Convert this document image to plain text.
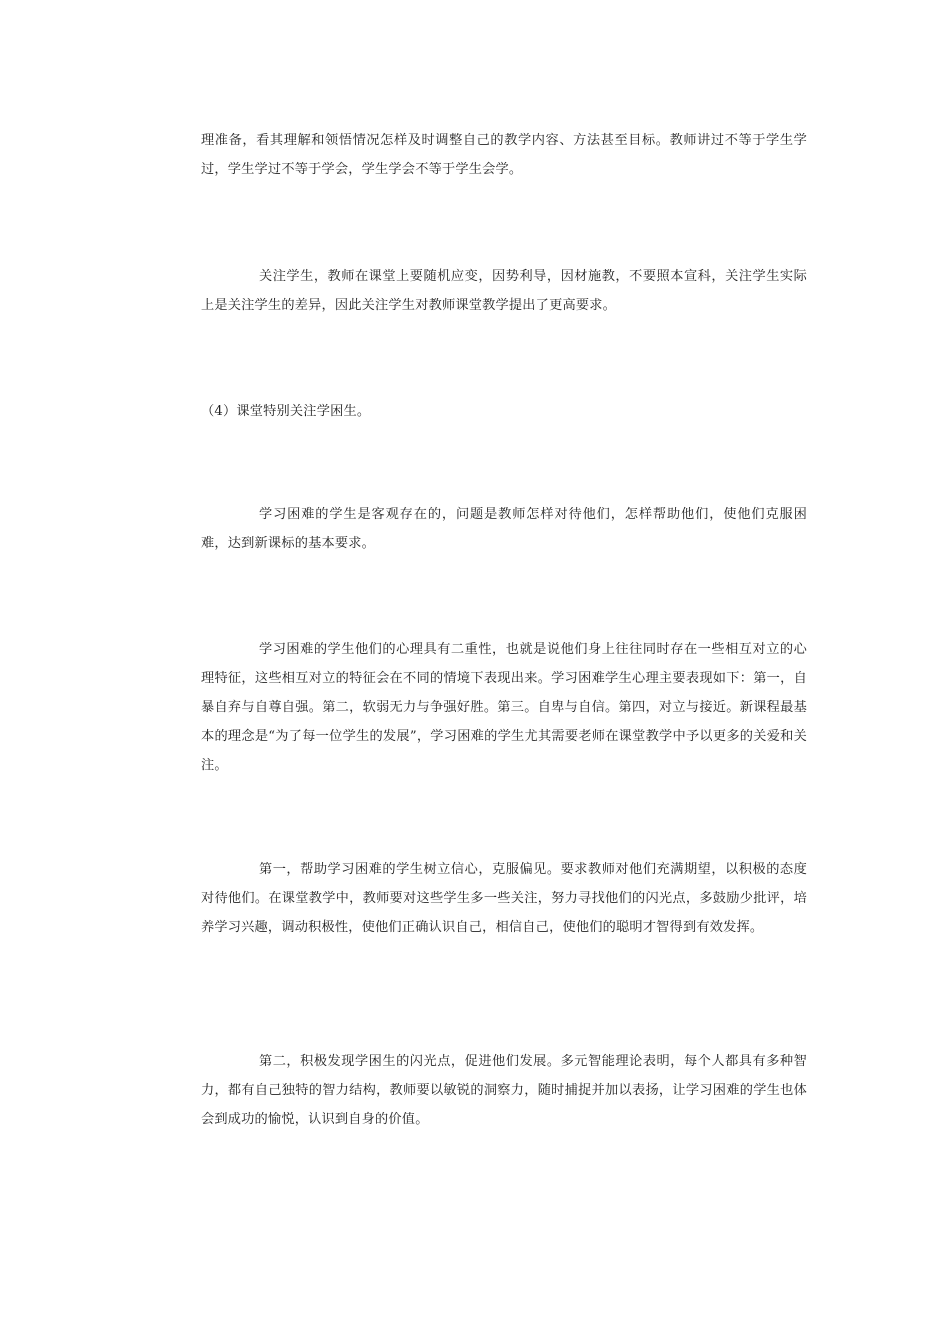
理准备，看其理解和领悟情况怎样及时调整自己的教学内容、方法甚至目标。教师讲过不等于学生学过，学生学过不等于学会，学生学会不等于学生会学。

关注学生，教师在课堂上要随机应变，因势利导，因材施教，不要照本宣科，关注学生实际上是关注学生的差异，因此关注学生对教师课堂教学提出了更高要求。

（4）课堂特别关注学困生。

学习困难的学生是客观存在的，问题是教师怎样对待他们，怎样帮助他们，使他们克服困难，达到新课标的基本要求。

学习困难的学生他们的心理具有二重性，也就是说他们身上往往同时存在一些相互对立的心理特征，这些相互对立的特征会在不同的情境下表现出来。学习困难学生心理主要表现如下：第一，自暴自弃与自尊自强。第二，软弱无力与争强好胜。第三。自卑与自信。第四，对立与接近。新课程最基本的理念是“为了每一位学生的发展”，学习困难的学生尤其需要老师在课堂教学中予以更多的关爱和关注。

第一，帮助学习困难的学生树立信心，克服偏见。要求教师对他们充满期望，以积极的态度对待他们。在课堂教学中，教师要对这些学生多一些关注，努力寻找他们的闪光点，多鼓励少批评，培养学习兴趣，调动积极性，使他们正确认识自己，相信自己，使他们的聪明才智得到有效发挥。

第二，积极发现学困生的闪光点，促进他们发展。多元智能理论表明，每个人都具有多种智力，都有自己独特的智力结构，教师要以敏锐的洞察力，随时捕捉并加以表扬，让学习困难的学生也体会到成功的愉悦，认识到自身的价值。
